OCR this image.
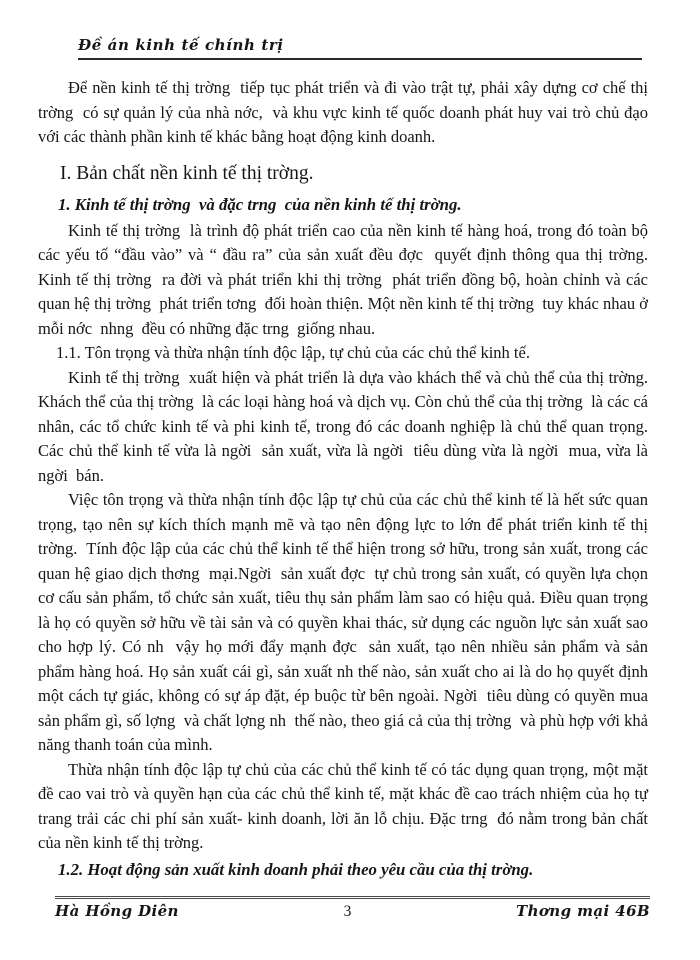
Đề án kinh tế chính trị

Để nền kinh tế thị trờng  tiếp tục phát triển và đi vào trật tự, phải xây dựng cơ chế thị trờng  có sự quản lý của nhà nớc,  và khu vực kinh tế quốc doanh phát huy vai trò chủ đạo  với các thành phần kinh tế khác bằng hoạt động kinh doanh.

I. Bản chất nền kinh tế thị trờng.
1. Kinh tế thị trờng  và đặc trng  của nền kinh tế thị trờng.

Kinh tế thị trờng  là trình độ phát triển cao của nền kinh tế hàng hoá, trong đó toàn bộ các yếu tố “đầu vào” và “ đầu ra” của sản xuất đều đợc  quyết định thông qua thị trờng.  Kinh tế thị trờng  ra đời và phát triển khi thị trờng  phát triển đồng bộ, hoàn chỉnh và các quan hệ thị trờng  phát triển tơng  đối hoàn thiện. Một nền kinh tế thị trờng  tuy khác nhau ở mỗi nớc  nhng  đều có những đặc trng  giống nhau.

1.1. Tôn trọng và thừa nhận tính độc lập, tự chủ của các chủ thể kinh tế.

Kinh tế thị trờng  xuất hiện và phát triển là dựa vào khách thể và chủ thể của thị trờng.  Khách thể của thị trờng  là các loại hàng hoá và dịch vụ. Còn chủ thể của thị trờng  là các cá nhân, các tổ chức kinh tế và phi kinh tế, trong đó các doanh nghiệp là chủ thể quan trọng. Các chủ thể kinh tế vừa là ngời  sản xuất, vừa là ngời  tiêu dùng vừa là ngời  mua, vừa là ngời  bán.

Việc tôn trọng và thừa nhận tính độc lập tự chủ của các chủ thể kinh tế là hết sức quan trọng, tạo nên sự kích thích mạnh mẽ và tạo nên động lực to lớn để phát triển kinh tế thị trờng.  Tính độc lập của các chủ thể kinh tế thể hiện trong sở hữu, trong sản xuất, trong các quan hệ giao dịch thơng  mại.Ngời  sản xuất đợc  tự chủ trong sản xuất, có quyền lựa chọn cơ cấu sản phẩm, tổ chức sản xuất, tiêu thụ sản phẩm làm sao có hiệu quả. Điều quan trọng là họ có quyền sở hữu về tài sản và có quyền khai thác, sử dụng các nguồn lực sản xuất sao cho hợp lý. Có nh  vậy họ mới đẩy mạnh đợc  sản xuất, tạo nên nhiều sản phẩm và sản phẩm hàng hoá. Họ sản xuất cái gì, sản xuất nh thế nào, sản xuất cho ai là do họ quyết định một cách tự giác, không có sự áp đặt, ép buộc từ bên ngoài. Ngời  tiêu dùng có quyền mua sản phẩm gì, số lợng  và chất lợng nh  thế nào, theo giá cả của thị trờng  và phù hợp với khả năng thanh toán của mình.

Thừa nhận tính độc lập tự chủ của các chủ thể kinh tế có tác dụng quan trọng, một mặt đề cao vai trò và quyền hạn của các chủ thể kinh tế, mặt khác đề cao trách nhiệm của họ tự trang trải các chi phí sản xuất- kinh doanh, lời ăn lỗ chịu. Đặc trng  đó nằm trong bản chất của nền kinh tế thị trờng.

1.2. Hoạt động sản xuất kinh doanh phải theo yêu cầu của thị trờng.
Hà Hồng Diên	3	Thơng mại 46B
